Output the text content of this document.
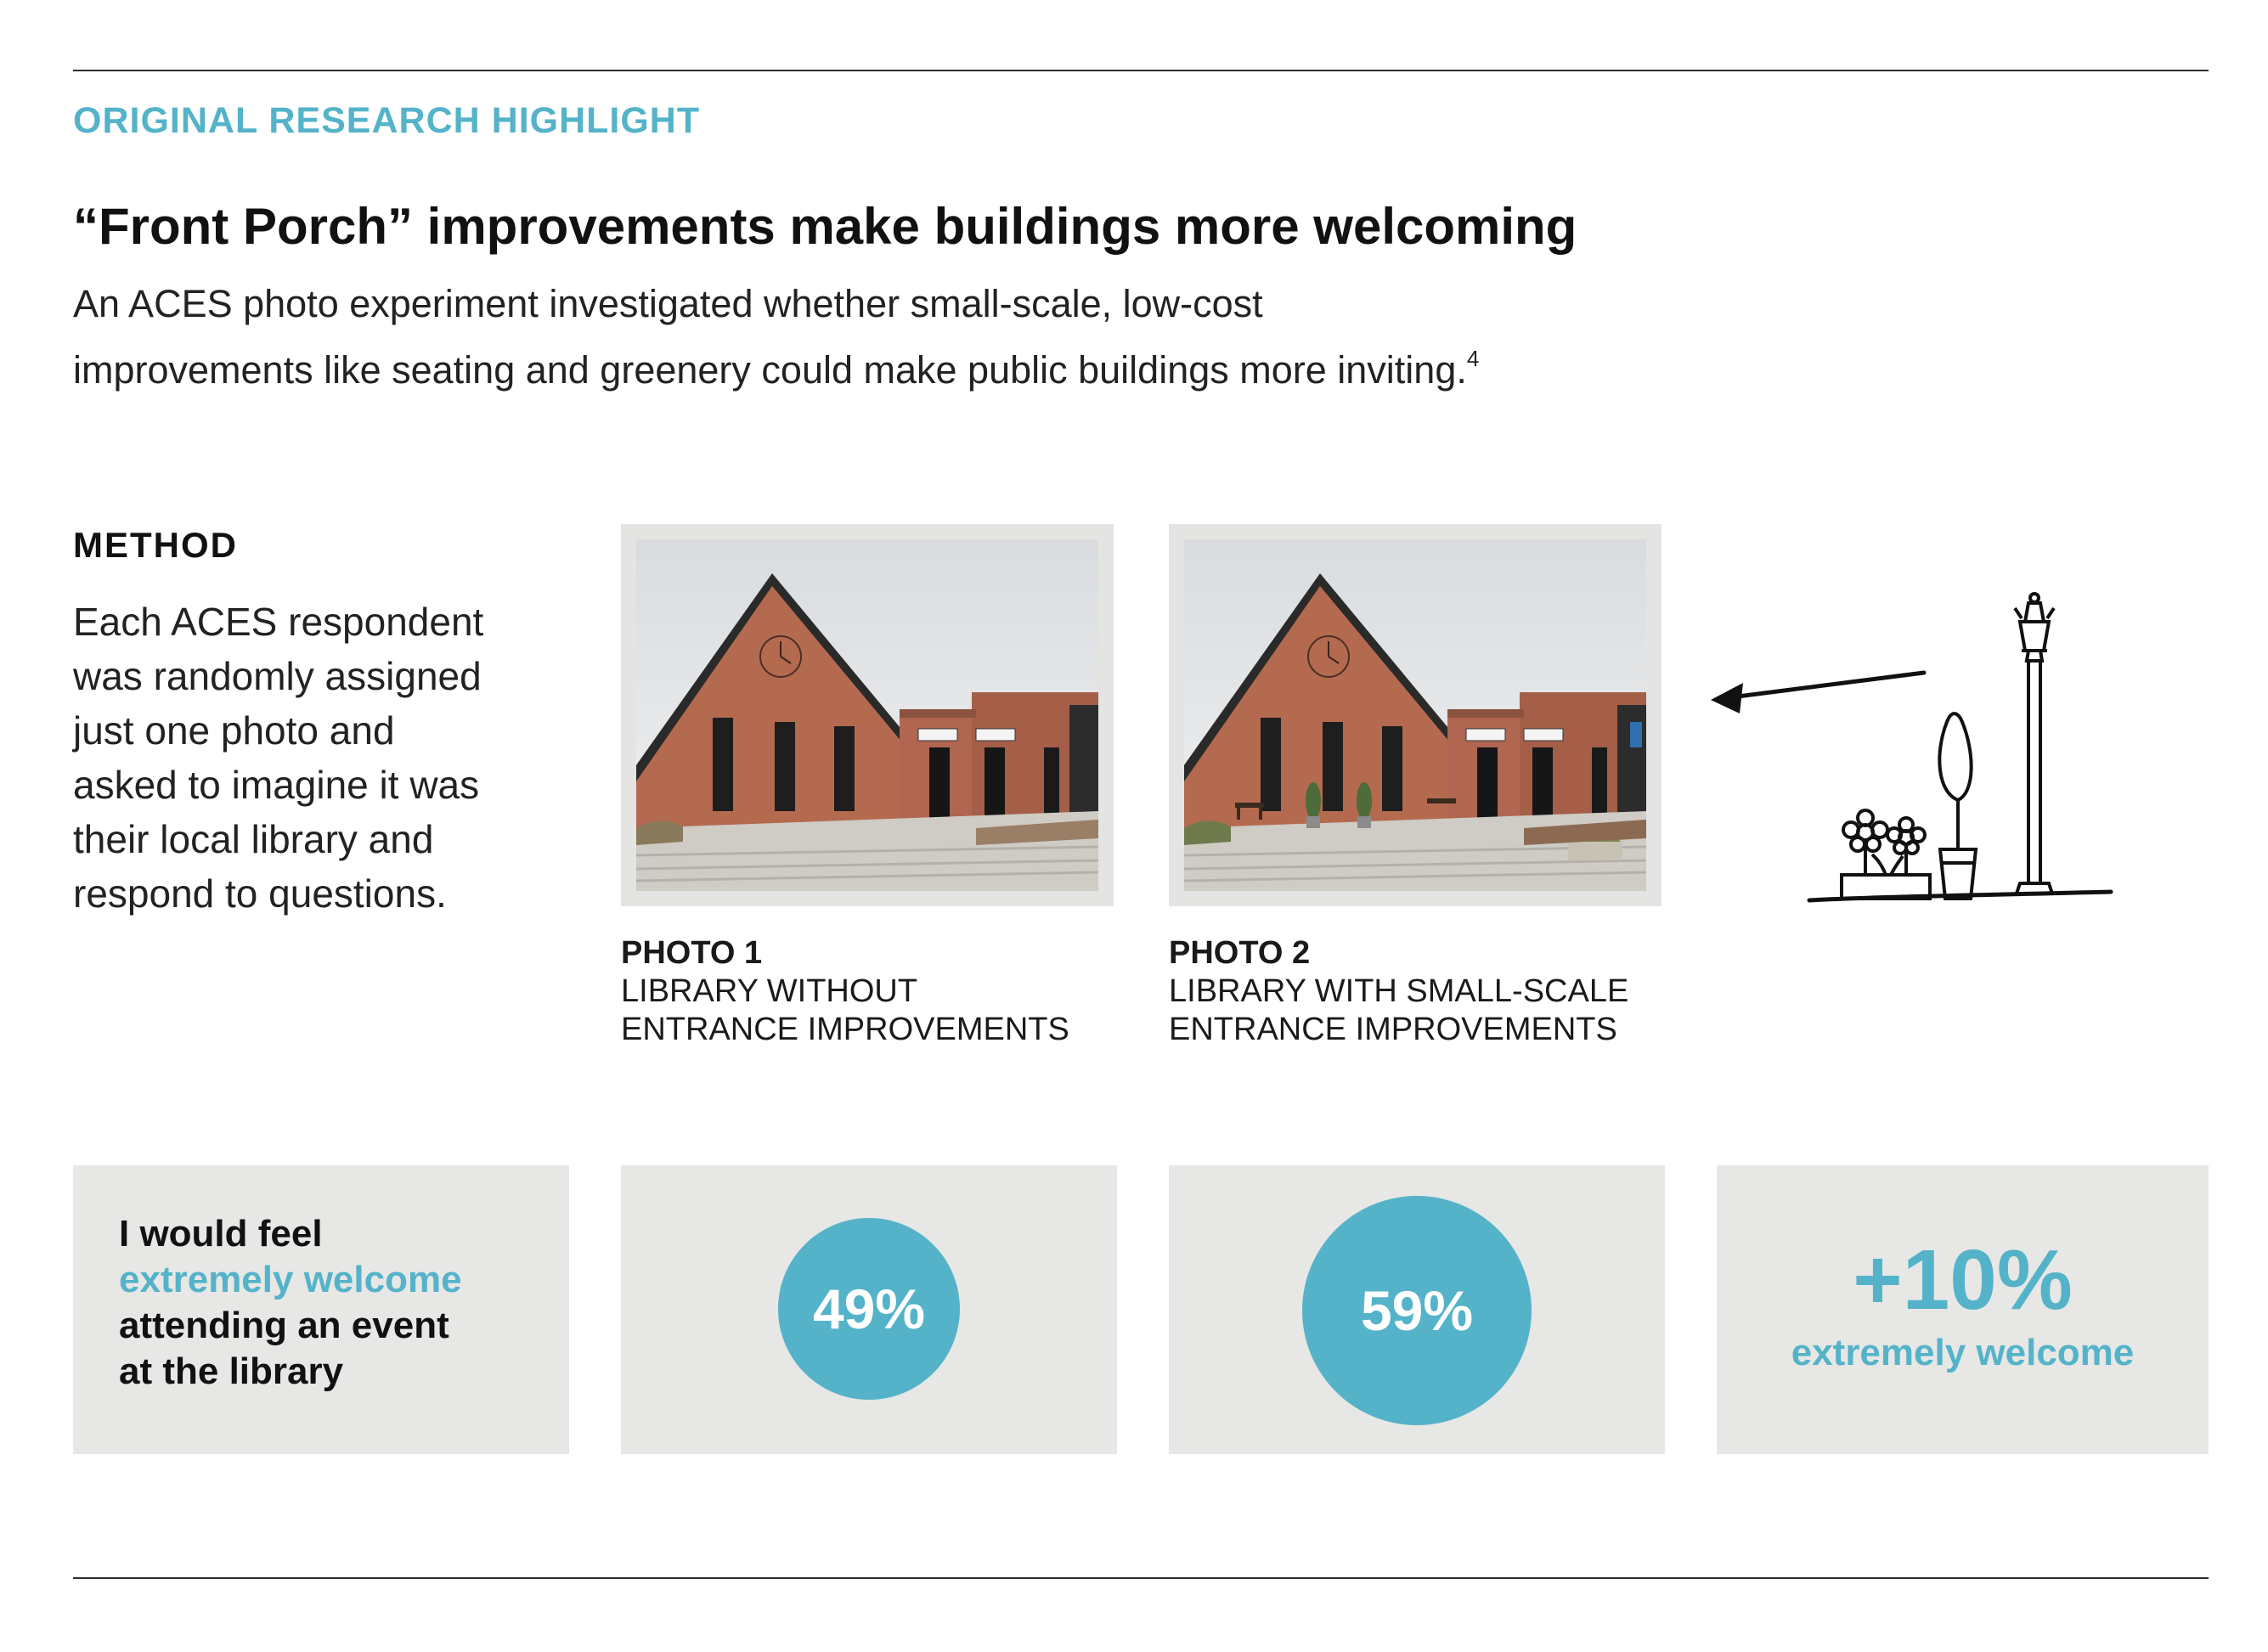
ORIGINAL RESEARCH HIGHLIGHT
“Front Porch” improvements make buildings more welcoming
An ACES photo experiment investigated whether small-scale, low-cost
improvements like seating and greenery could make public buildings more inviting.$^4$
METHOD
Each ACES respondent
was randomly assigned
just one photo and
asked to imagine it was
their local library and
respond to questions.
PHOTO 1
LIBRARY WITHOUT
ENTRANCE IMPROVEMENTS
PHOTO 2
LIBRARY WITH SMALL-SCALE
ENTRANCE IMPROVEMENTS
I would feel
extremely welcome
attending an event
at the library
49%	59%	+10%
extremely welcome
